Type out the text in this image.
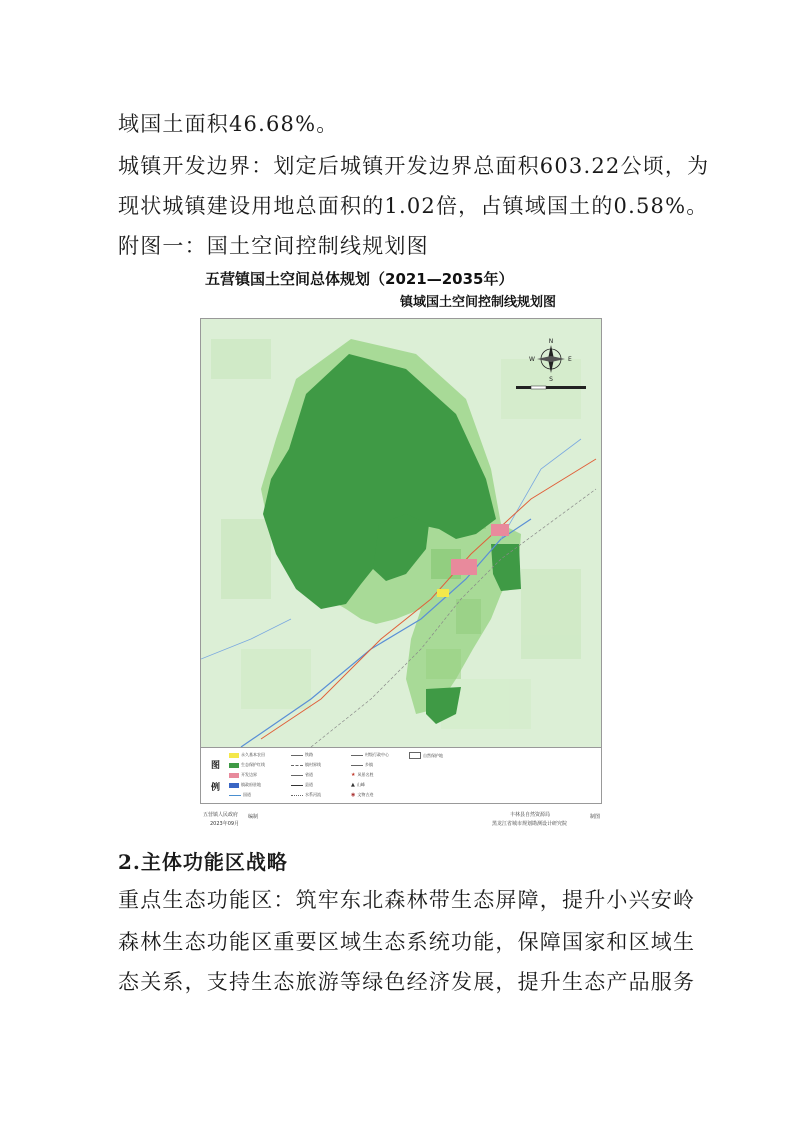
域国土面积46.68%。
城镇开发边界：划定后城镇开发边界总面积603.22公顷，为
现状城镇建设用地总面积的1.02倍，占镇域国土的0.58%。
附图一：国土空间控制线规划图
五营镇国土空间总体规划（2021—2035年）
镇域国土空间控制线规划图
N
S
E
W
图
例
永久基本农田
生态保护红线
开发边界
镇政府驻地
国道
铁路
镇村界线
省道
县道
水系河流
村级行政中心
乡镇
★ 风景名胜
▲ 山峰
◉ 文物古迹
自然保护地
五营镇人民政府 编制
2023年09月
丰林县自然资源局	制图
黑龙江省城市规划勘测设计研究院
2.主体功能区战略
重点生态功能区：筑牢东北森林带生态屏障，提升小兴安岭
森林生态功能区重要区域生态系统功能，保障国家和区域生
态关系，支持生态旅游等绿色经济发展，提升生态产品服务
